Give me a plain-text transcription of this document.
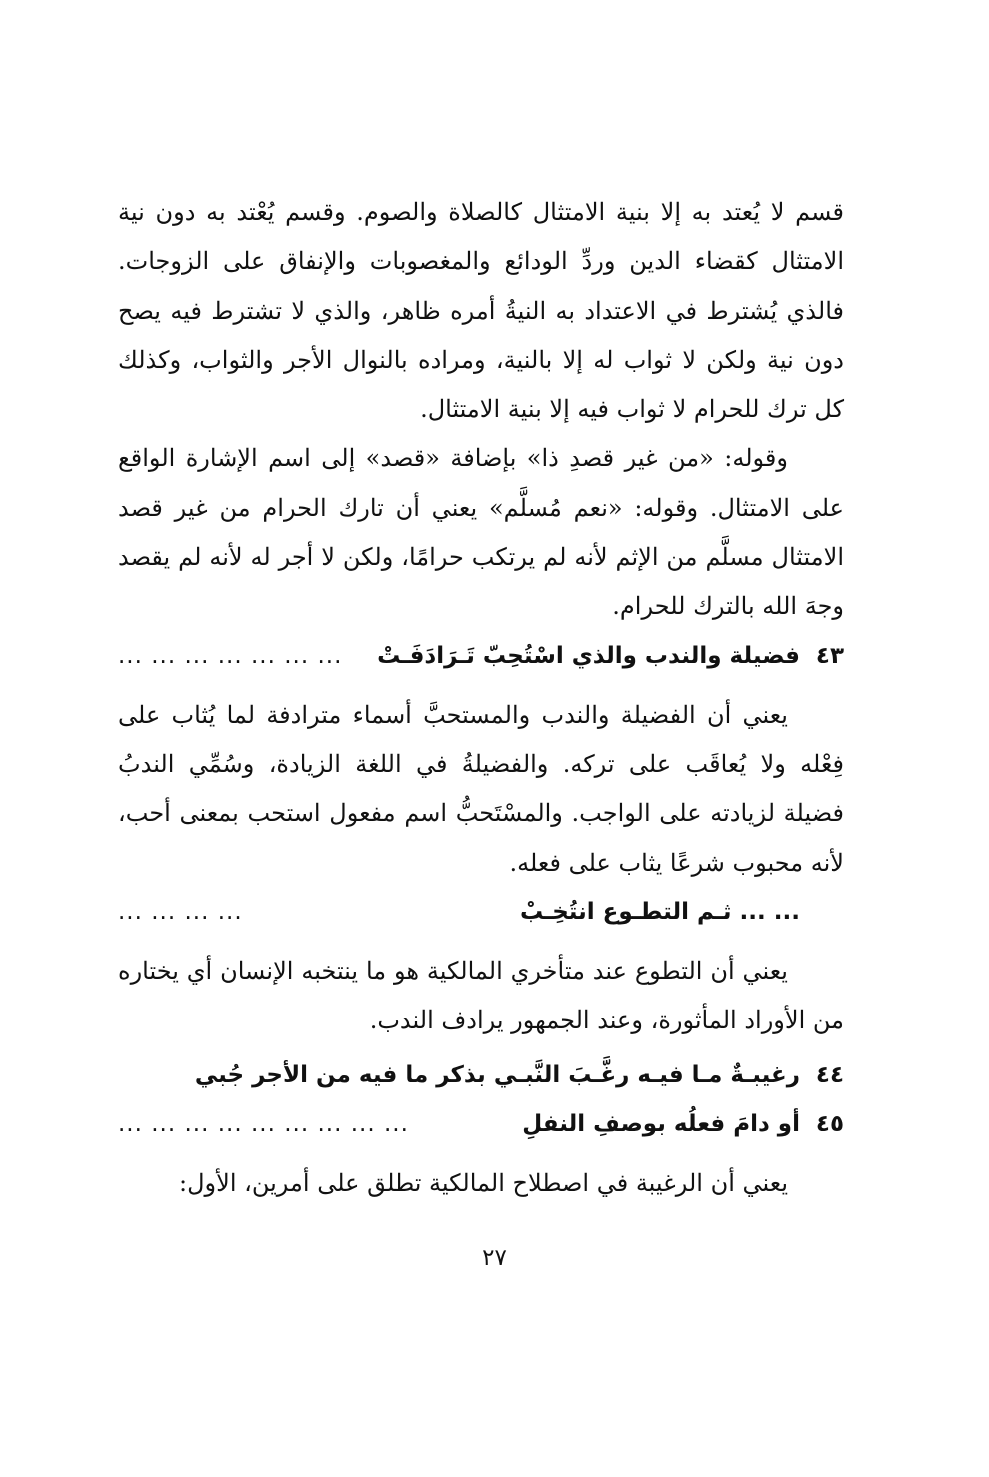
قسم لا يُعتد به إلا بنية الامتثال كالصلاة والصوم. وقسم يُعْتد به دون نية الامتثال كقضاء الدين وردِّ الودائع والمغصوبات والإنفاق على الزوجات. فالذي يُشترط في الاعتداد به النيةُ أمره ظاهر، والذي لا تشترط فيه يصح دون نية ولكن لا ثواب له إلا بالنية، ومراده بالنوال الأجر والثواب، وكذلك كل ترك للحرام لا ثواب فيه إلا بنية الامتثال.

وقوله: «من غير قصدِ ذا» بإضافة «قصد» إلى اسم الإشارة الواقع على الامتثال. وقوله: «نعم مُسلَّم» يعني أن تارك الحرام من غير قصد الامتثال مسلَّم من الإثم لأنه لم يرتكب حرامًا، ولكن لا أجر له لأنه لم يقصد وجهَ الله بالترك للحرام.

٤٣ فضيلة والندب والذي اسْتُحِبّ تَـرَادَفَـتْ
... ... ... ... ... ... ...

يعني أن الفضيلة والندب والمستحبَّ أسماء مترادفة لما يُثاب على فِعْله ولا يُعاقَب على تركه. والفضيلةُ في اللغة الزيادة، وسُمِّي الندبُ فضيلة لزيادته على الواجب. والمسْتَحبُّ اسم مفعول استحب بمعنى أحب، لأنه محبوب شرعًا يثاب على فعله.

... ... ثـم التطـوع انتُخِـبْ
... ... ... ...

يعني أن التطوع عند متأخري المالكية هو ما ينتخبه الإنسان أي يختاره من الأوراد المأثورة، وعند الجمهور يرادف الندب.

٤٤ رغيبـةٌ مـا فيـه رغَّـبَ النَّبـي بذكر ما فيه من الأجر جُبي
٤٥ أو دامَ فعلُه بوصفِ النفلِ
... ... ... ... ... ... ... ... ...

يعني أن الرغيبة في اصطلاح المالكية تطلق على أمرين، الأول:

٢٧
